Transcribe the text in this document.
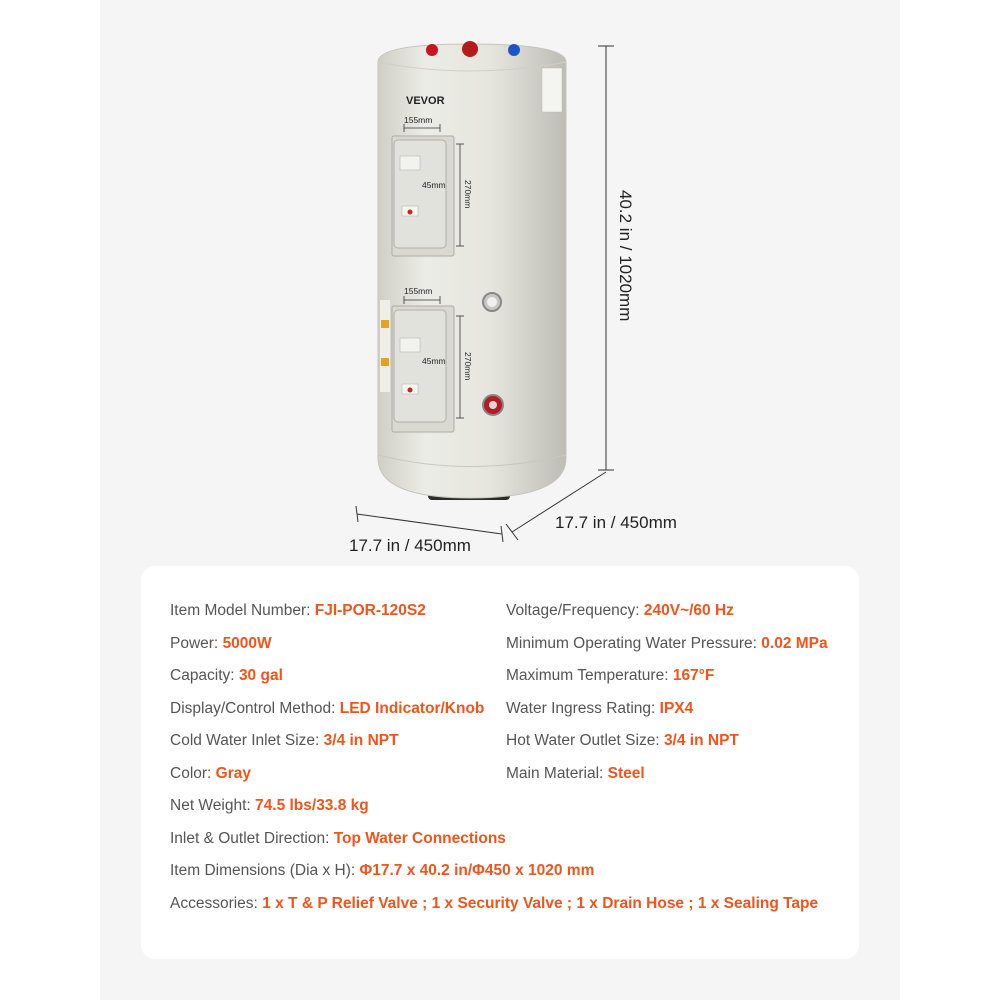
VEVOR
155mm
155mm
45mm
45mm
270mm
270mm
40.2 in / 1020mm
17.7 in / 450mm
17.7 in / 450mm
Item Model Number: FJI-POR-120S2	Voltage/Frequency: 240V~/60 Hz
Power: 5000W	Minimum Operating Water Pressure: 0.02 MPa
Capacity: 30 gal	Maximum Temperature: 167°F
Display/Control Method: LED Indicator/Knob Water Ingress Rating: IPX4
Cold Water Inlet Size: 3/4 in NPT	Hot Water Outlet Size: 3/4 in NPT
Color: Gray	Main Material: Steel
Net Weight: 74.5 lbs/33.8 kg
Inlet & Outlet Direction: Top Water Connections
Item Dimensions (Dia x H): Φ17.7 x 40.2 in/Φ450 x 1020 mm
Accessories: 1 x T & P Relief Valve ; 1 x Security Valve ; 1 x Drain Hose ; 1 x Sealing Tape
